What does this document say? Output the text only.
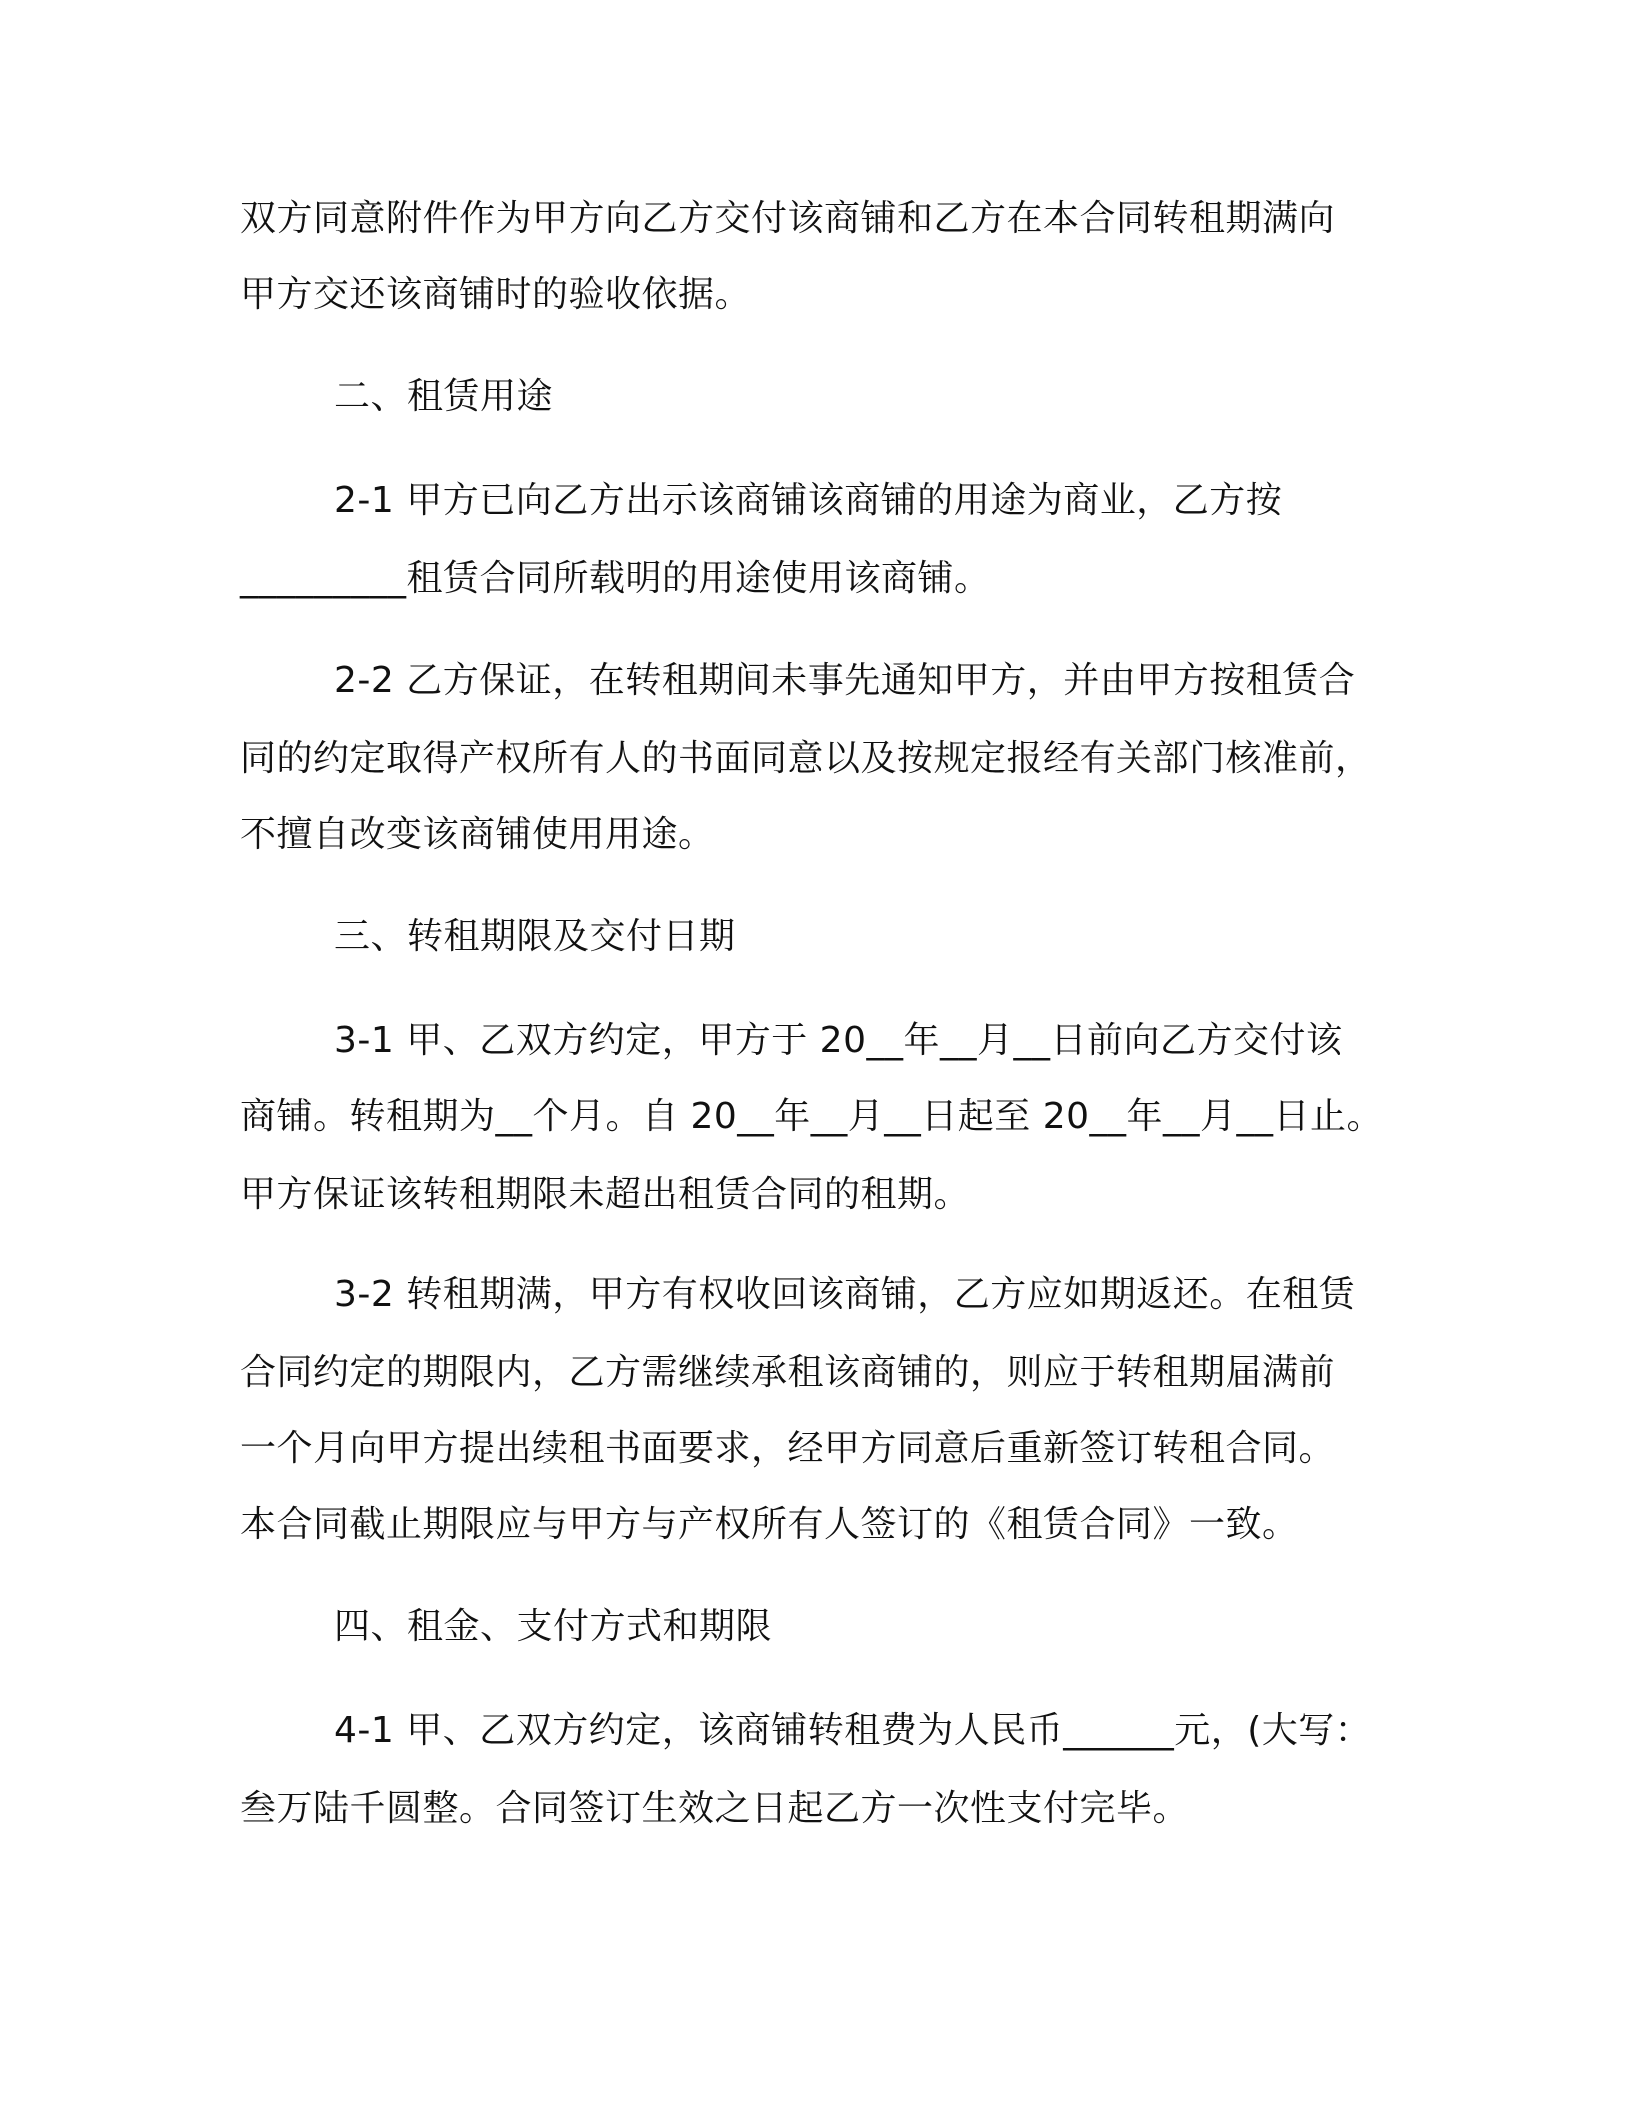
双方同意附件作为甲方向乙方交付该商铺和乙方在本合同转租期满向
甲方交还该商铺时的验收依据。
二、租赁用途
2-1 甲方已向乙方出示该商铺该商铺的用途为商业，乙方按
_________租赁合同所载明的用途使用该商铺。
2-2 乙方保证，在转租期间未事先通知甲方，并由甲方按租赁合
同的约定取得产权所有人的书面同意以及按规定报经有关部门核准前，
不擅自改变该商铺使用用途。
三、转租期限及交付日期
3-1 甲、乙双方约定，甲方于 20__年__月__日前向乙方交付该
商铺。转租期为__个月。自 20__年__月__日起至 20__年__月__日止。
甲方保证该转租期限未超出租赁合同的租期。
3-2 转租期满，甲方有权收回该商铺，乙方应如期返还。在租赁
合同约定的期限内，乙方需继续承租该商铺的，则应于转租期届满前
一个月向甲方提出续租书面要求，经甲方同意后重新签订转租合同。
本合同截止期限应与甲方与产权所有人签订的《租赁合同》一致。
四、租金、支付方式和期限
4-1 甲、乙双方约定，该商铺转租费为人民币______元，(大写：
叁万陆千圆整。合同签订生效之日起乙方一次性支付完毕。
